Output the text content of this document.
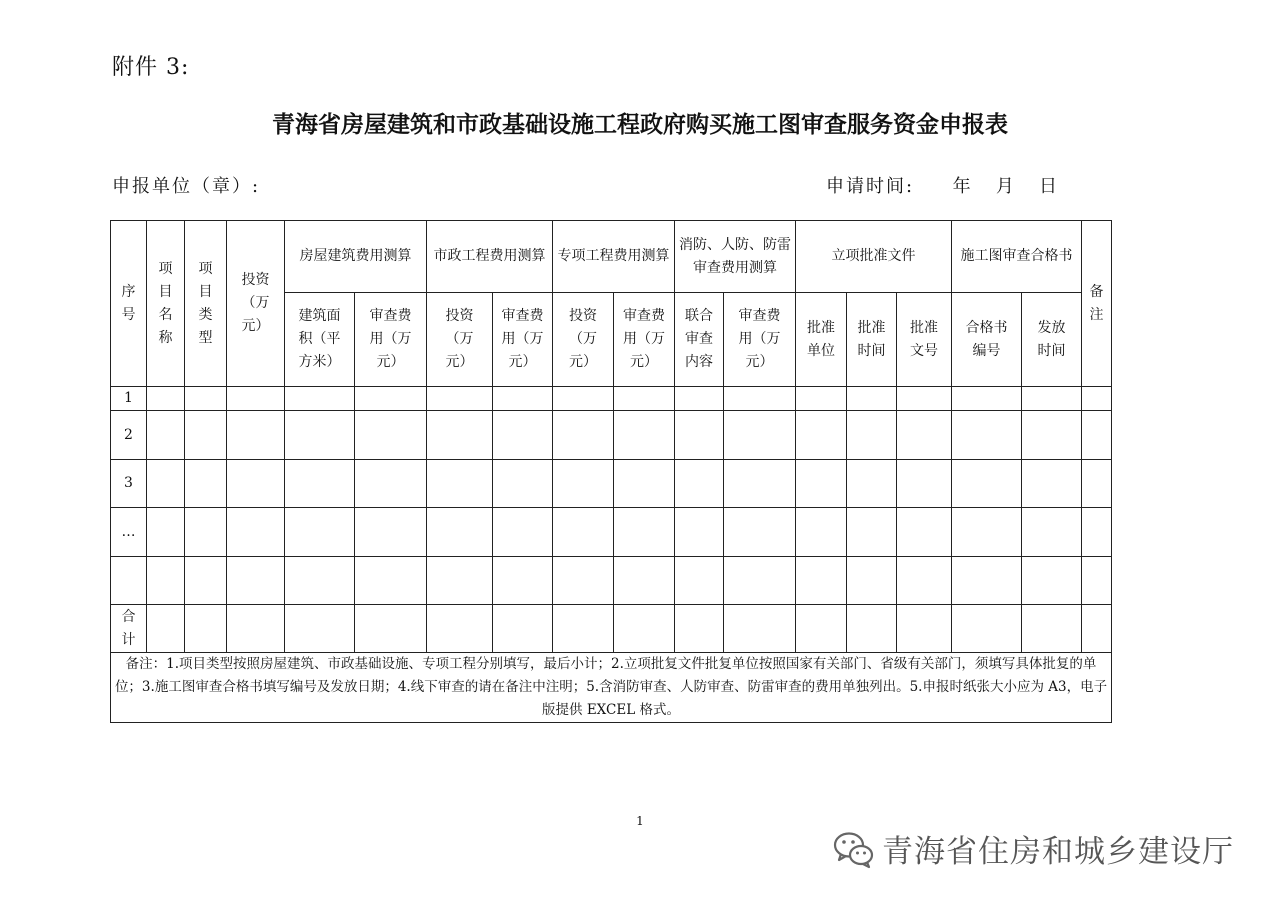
附件 3:
青海省房屋建筑和市政基础设施工程政府购买施工图审查服务资金申报表
申报单位（章）:	申请时间:     年   月   日
序号	项目名称	项目类型	投资（万元）	房屋建筑费用测算		市政工程费用测算		专项工程费用测算		消防、人防、防雷审查费用测算		立项批准文件			施工图审查合格书		备注
				建筑面积（平方米）	审查费用（万元）	投资（万元）	审查费用（万元）	投资（万元）	审查费用（万元）	联合审查内容	审查费用（万元）	批准单位	批准时间	批准文号	合格书编号	发放时间	
1																	
2																	
3																	
…																	

合计																	
备注：1.项目类型按照房屋建筑、市政基础设施、专项工程分别填写，最后小计；2.立项批复文件批复单位按照国家有关部门、省级有关部门，须填写具体批复的单位；3.施工图审查合格书填写编号及发放日期；4.线下审查的请在备注中注明；5.含消防审查、人防审查、防雷审查的费用单独列出。5.申报时纸张大小应为 A3，电子版提供 EXCEL 格式。																	
1
青海省住房和城乡建设厅
